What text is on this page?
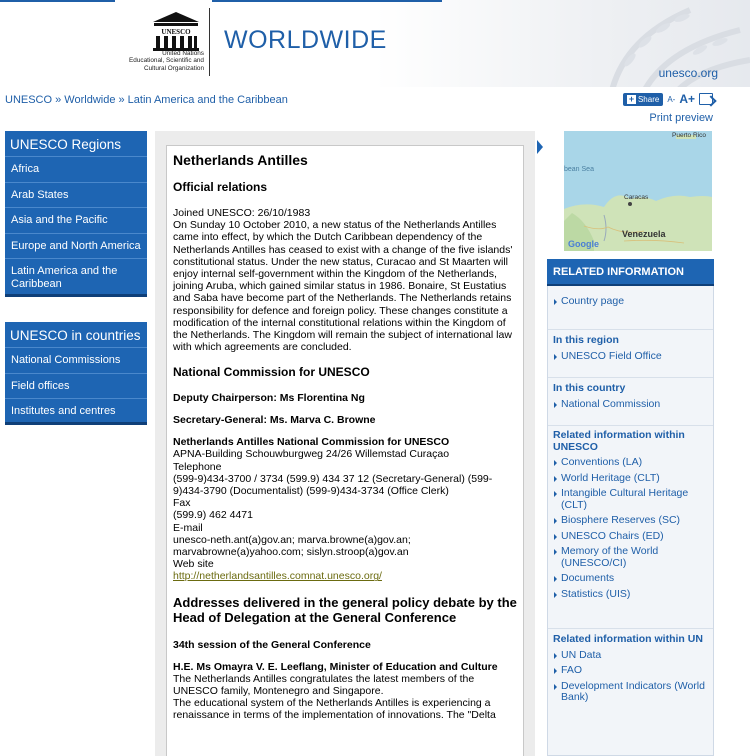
UNESCO
United Nations
Educational, Scientific and
Cultural Organization
WORLDWIDE
unesco.org
UNESCO » Worldwide » Latin America and the Caribbean	+ Share A- A+
Print preview
UNESCO Regions
Africa
Arab States
Asia and the Pacific
Europe and North America
Latin America and the Caribbean
UNESCO in countries
National Commissions
Field offices
Institutes and centres
Netherlands Antilles
Official relations

Joined UNESCO: 26/10/1983

On Sunday 10 October 2010, a new status of the Netherlands Antilles came into effect, by which the Dutch Caribbean dependency of the Netherlands Antilles has ceased to exist with a change of the five islands' constitutional status. Under the new status, Curacao and St Maarten will enjoy internal self-government within the Kingdom of the Netherlands, joining Aruba, which gained similar status in 1986. Bonaire, St Eustatius and Saba have become part of the Netherlands. The Netherlands retains responsibility for defence and foreign policy. These changes constitute a modification of the internal constitutional relations within the Kingdom of the Netherlands. The Kingdom will remain the subject of international law with which agreements are concluded.

National Commission for UNESCO
Deputy Chairperson: Ms Florentina Ng
Secretary-General: Ms. Marva C. Browne
Netherlands Antilles National Commission for UNESCO

APNA-Building Schouwburgweg 24/26 Willemstad Curaçao

Telephone

(599-9)434-3700 / 3734 (599.9) 434 37 12 (Secretary-General) (599-9)434-3790 (Documentalist) (599-9)434-3734 (Office Clerk)

Fax

(599.9) 462 4471

E-mail

unesco-neth.ant(a)gov.an; marva.browne(a)gov.an; marvabrowne(a)yahoo.com; sislyn.stroop(a)gov.an

Web site

http://netherlandsantilles.comnat.unesco.org/

Addresses delivered in the general policy debate by the Head of Delegation at the General Conference
34th session of the General Conference
H.E. Ms Omayra V. E. Leeflang, Minister of Education and Culture

The Netherlands Antilles congratulates the latest members of the UNESCO family, Montenegro and Singapore.

The educational system of the Netherlands Antilles is experiencing a renaissance in terms of the implementation of innovations. The "Delta

Puerto Rico
bean Sea
Caracas
Venezuela
Google
RELATED INFORMATION
Country page
In this region
UNESCO Field Office
In this country
National Commission
Related information within UNESCO
Conventions (LA)
World Heritage (CLT)
Intangible Cultural Heritage (CLT)
Biosphere Reserves (SC)
UNESCO Chairs (ED)
Memory of the World (UNESCO/CI)
Documents
Statistics (UIS)
Related information within UN
UN Data
FAO
Development Indicators (World Bank)
